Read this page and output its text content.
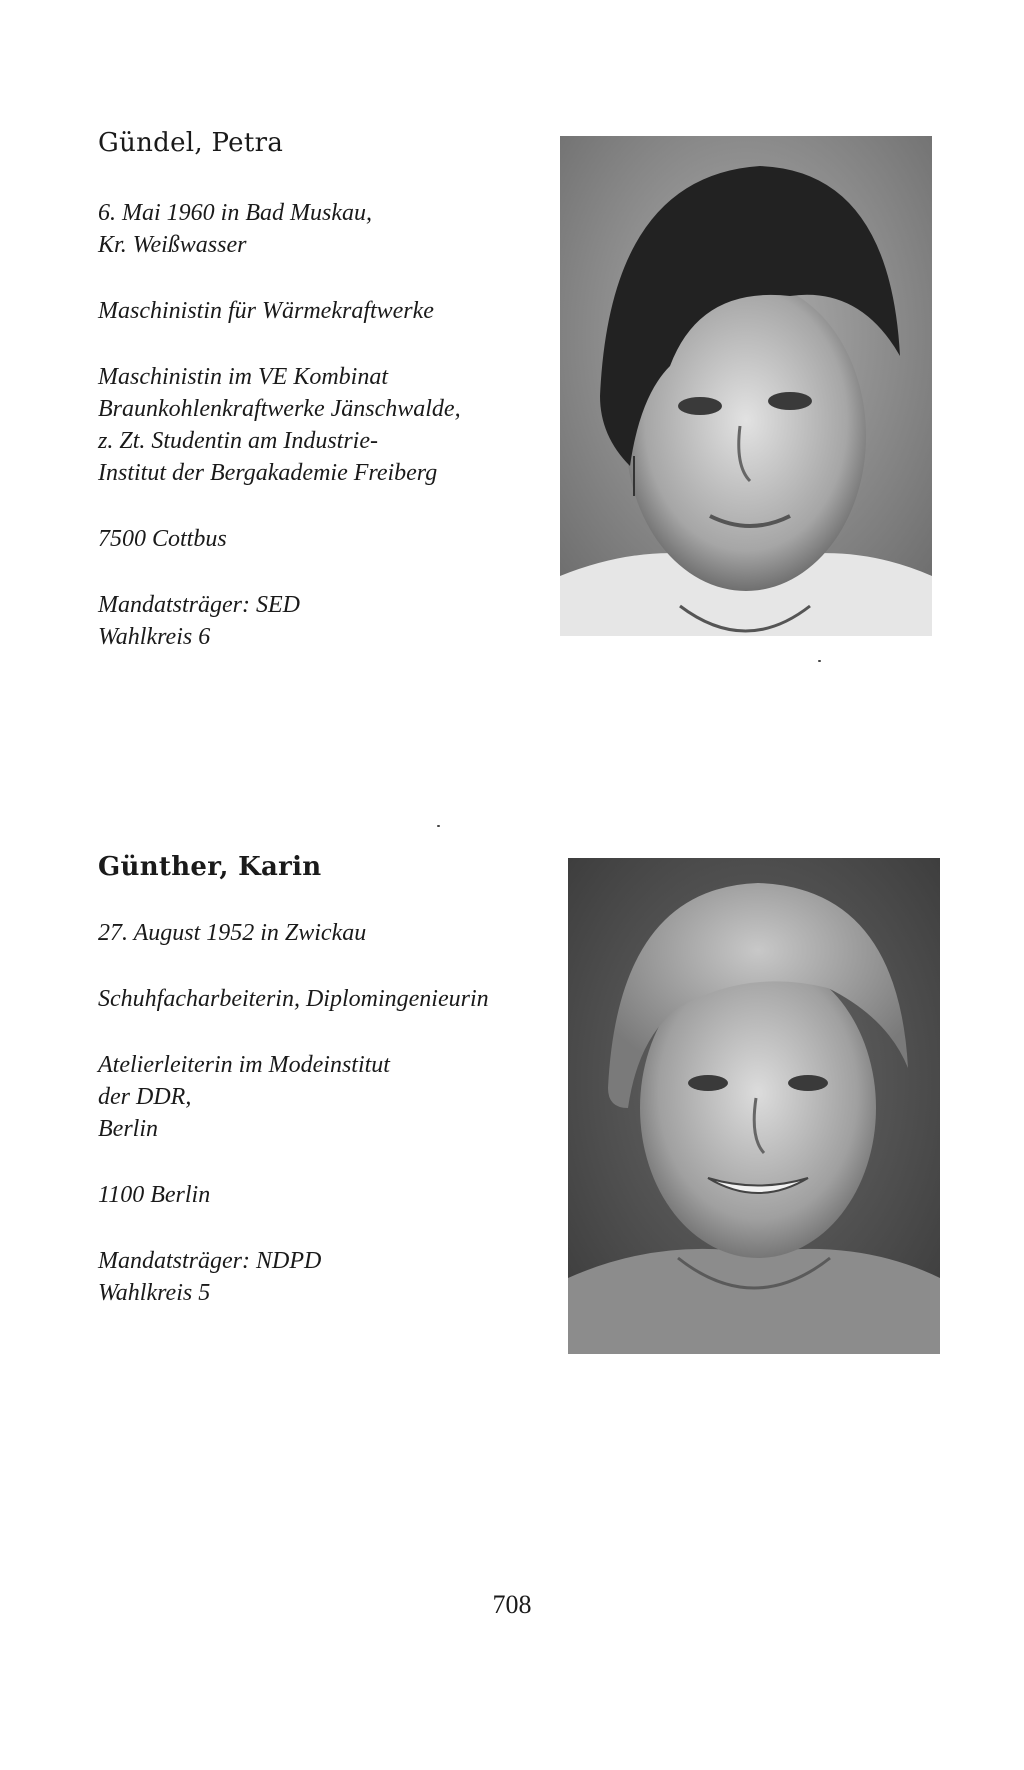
Gündel, Petra
6. Mai 1960 in Bad Muskau,
Kr. Weißwasser
Maschinistin für Wärmekraftwerke
Maschinistin im VE Kombinat
Braunkohlenkraftwerke Jänschwalde,
z. Zt. Studentin am Industrie-
Institut der Bergakademie Freiberg
7500 Cottbus
Mandatsträger: SED
Wahlkreis 6
Günther, Karin
27. August 1952 in Zwickau
Schuhfacharbeiterin, Diplomingenieurin
Atelierleiterin im Modeinstitut
der DDR,
Berlin
1100 Berlin
Mandatsträger: NDPD
Wahlkreis 5
708
